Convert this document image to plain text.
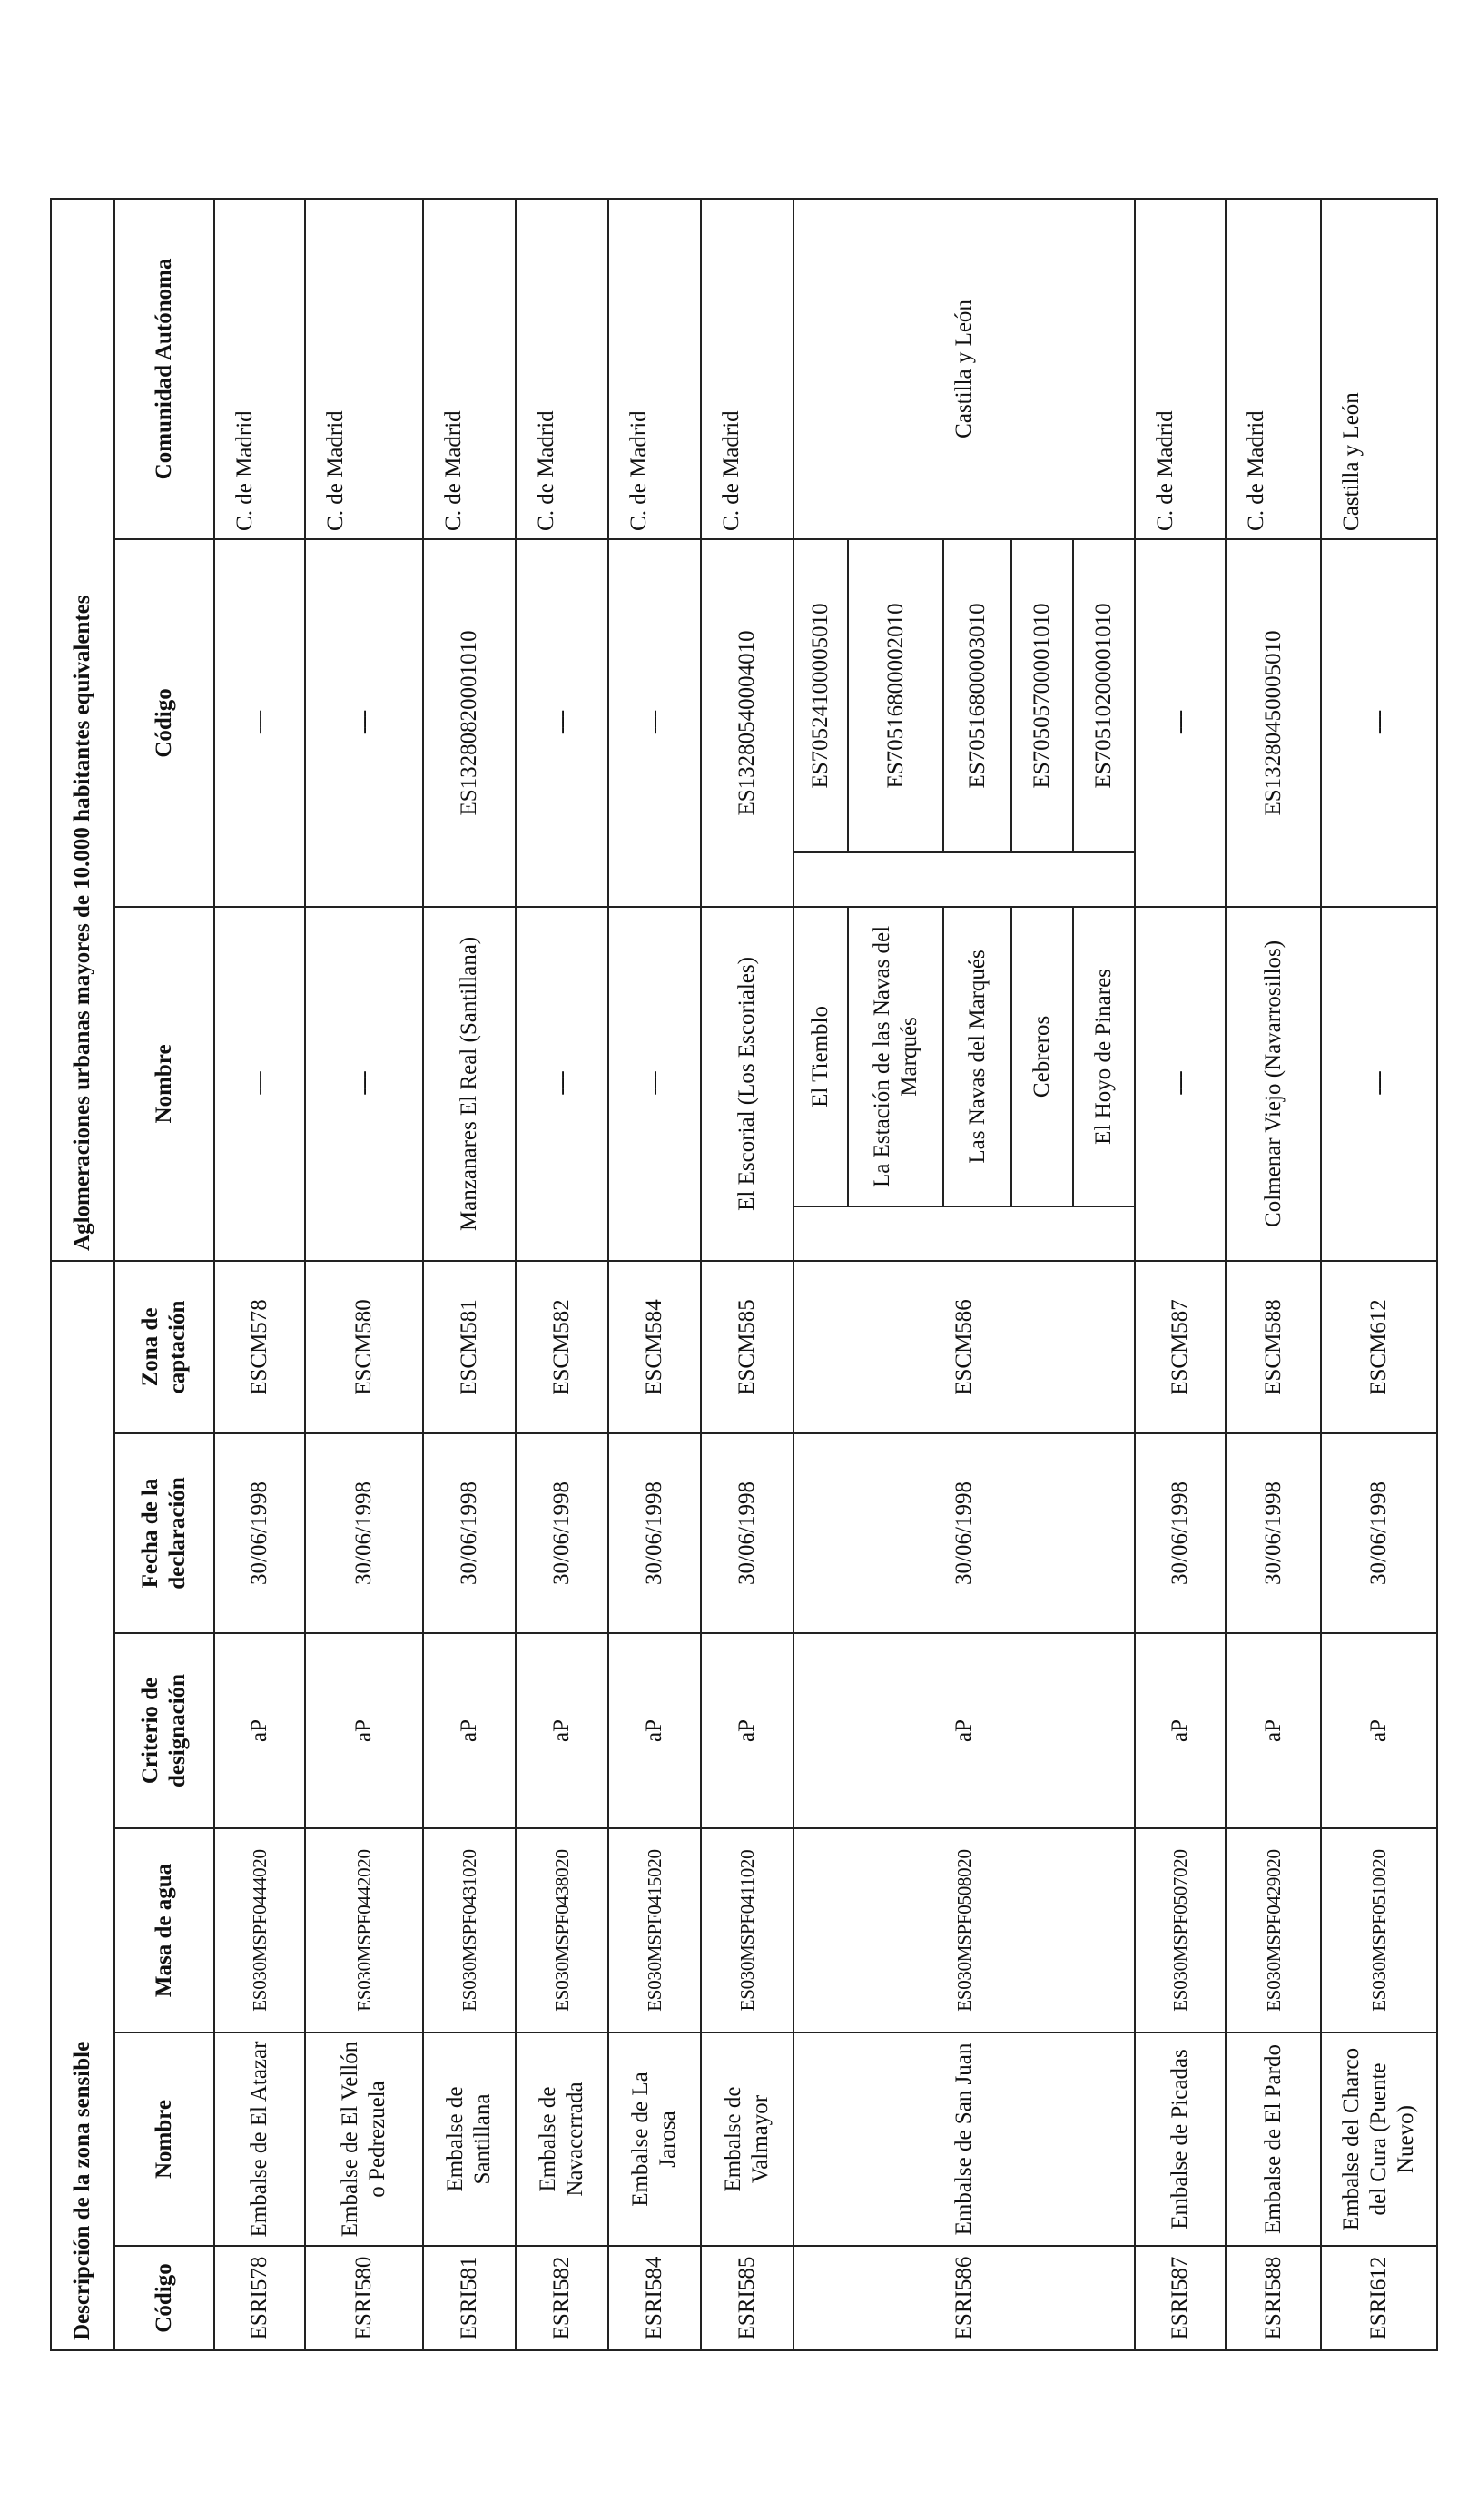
Descripción de la zona sensible						Aglomeraciones urbanas mayores de 10.000 habitantes equivalentes				
Código	Nombre	Masa de agua	Criterio de designación	Fecha de la declaración	Zona de captación	Nombre		Código		Comunidad Autónoma
ESRI578	Embalse de El Atazar	ES030MSPF0444020	aP	30/06/1998	ESCM578	----		----		C. de Madrid
ESRI580	Embalse de El Vellón o Pedrezuela	ES030MSPF0442020	aP	30/06/1998	ESCM580	----		----		C. de Madrid
ESRI581	Embalse de Santillana	ES030MSPF0431020	aP	30/06/1998	ESCM581	Manzanares El Real (Santillana)		ES13280820001010		C. de Madrid
ESRI582	Embalse de Navacerrada	ES030MSPF0438020	aP	30/06/1998	ESCM582	----		----		C. de Madrid
ESRI584	Embalse de La Jarosa	ES030MSPF0415020	aP	30/06/1998	ESCM584	----		----		C. de Madrid
ESRI585	Embalse de Valmayor	ES030MSPF0411020	aP	30/06/1998	ESCM585	El Escorial (Los Escoriales)		ES13280540004010		C. de Madrid
ESRI586	Embalse de San Juan	ES030MSPF0508020	aP	30/06/1998	ESCM586		El Tiemblo		ES70524100005010	Castilla y León
							La Estación de las Navas del Marqués		ES70516800002010	
							Las Navas del Marqués		ES70516800003010	
							Cebreros		ES70505700001010	
							El Hoyo de Pinares		ES70510200001010	
ESRI587	Embalse de Picadas	ES030MSPF0507020	aP	30/06/1998	ESCM587	----		----		C. de Madrid
ESRI588	Embalse de El Pardo	ES030MSPF0429020	aP	30/06/1998	ESCM588	Colmenar Viejo (Navarrosillos)		ES13280450005010		C. de Madrid
ESRI612	Embalse del Charco del Cura (Puente Nuevo)	ES030MSPF0510020	aP	30/06/1998	ESCM612	----		----		Castilla y León
